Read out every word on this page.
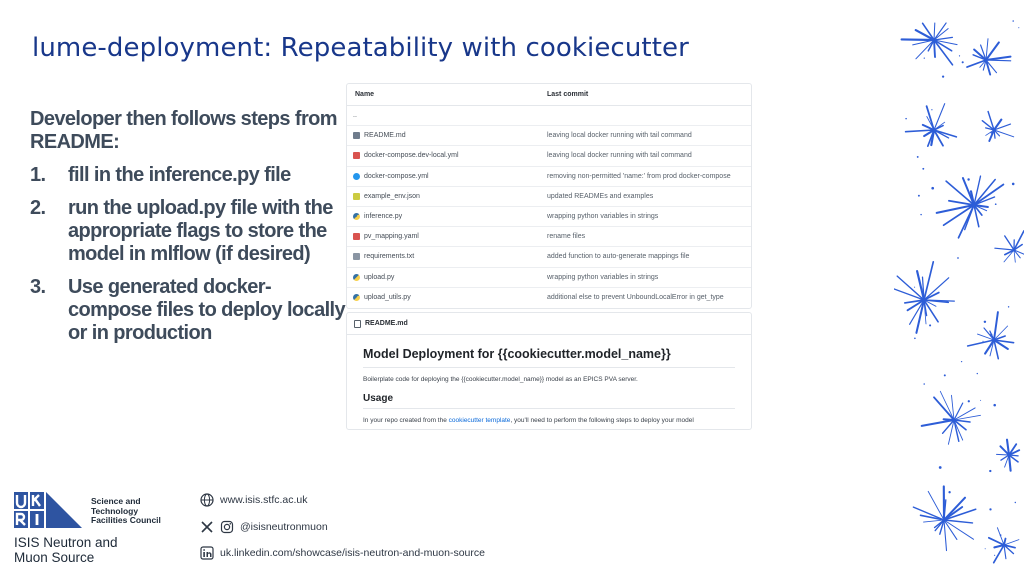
lume-deployment: Repeatability with cookiecutter
Developer then follows steps from README:
1.	fill in the inference.py file
2.	run the upload.py file with the appropriate flags to store the model in mlflow (if desired)
3.	Use generated docker-compose files to deploy locally or in production
Name	Last commit
..
README.md	leaving local docker running with tail command
docker-compose.dev-local.yml	leaving local docker running with tail command
docker-compose.yml	removing non-permitted 'name:' from prod docker-compose
example_env.json	updated READMEs and examples
inference.py	wrapping python variables in strings
pv_mapping.yaml	rename files
requirements.txt	added function to auto-generate mappings file
upload.py	wrapping python variables in strings
upload_utils.py	additional else to prevent UnboundLocalError in get_type
README.md
Model Deployment for {{cookiecutter.model_name}}
Boilerplate code for deploying the {{cookiecutter.model_name}} model as an EPICS PVA server.
Usage
In your repo created from the cookiecutter template, you'll need to perform the following steps to deploy your model
Science and
Technology
Facilities Council
ISIS Neutron and
Muon Source
www.isis.stfc.ac.uk
@isisneutronmuon
uk.linkedin.com/showcase/isis-neutron-and-muon-source
